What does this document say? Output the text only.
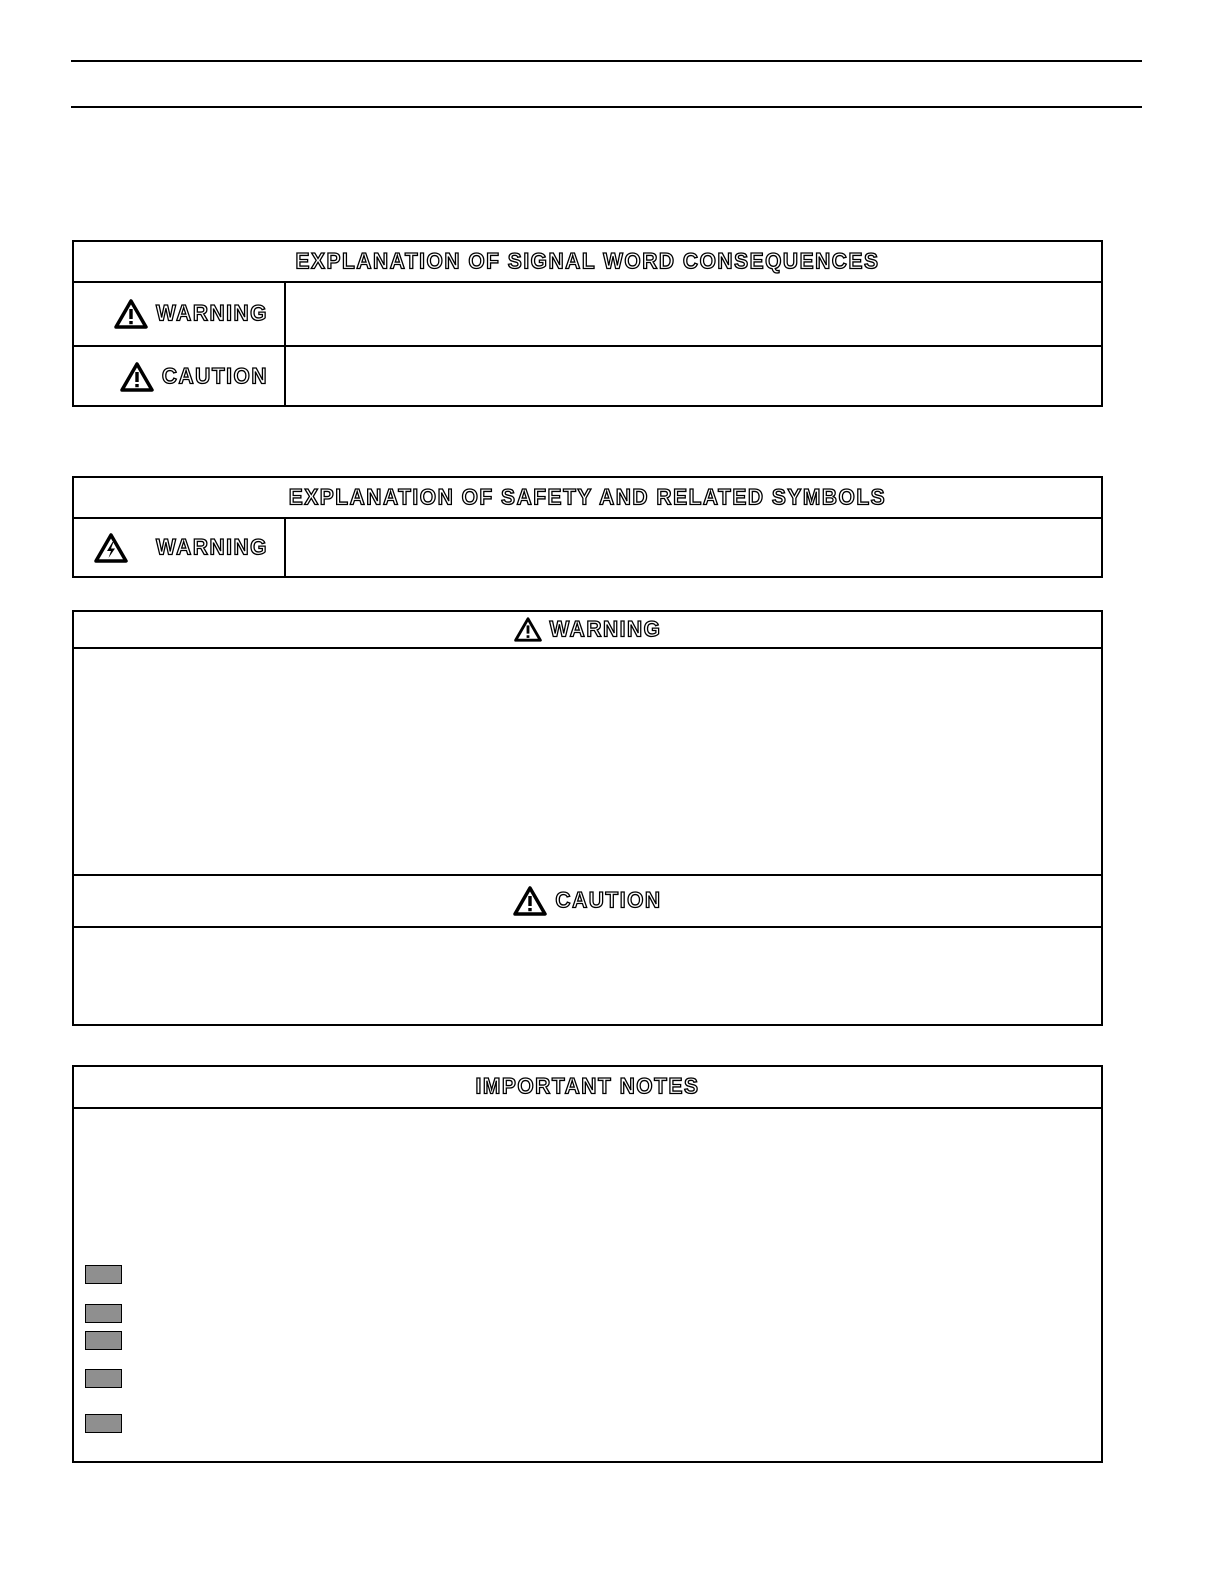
EXPLANATION OF SIGNAL WORD CONSEQUENCES
WARNING
CAUTION
EXPLANATION OF SAFETY AND RELATED SYMBOLS
WARNING
WARNING
CAUTION
IMPORTANT NOTES
